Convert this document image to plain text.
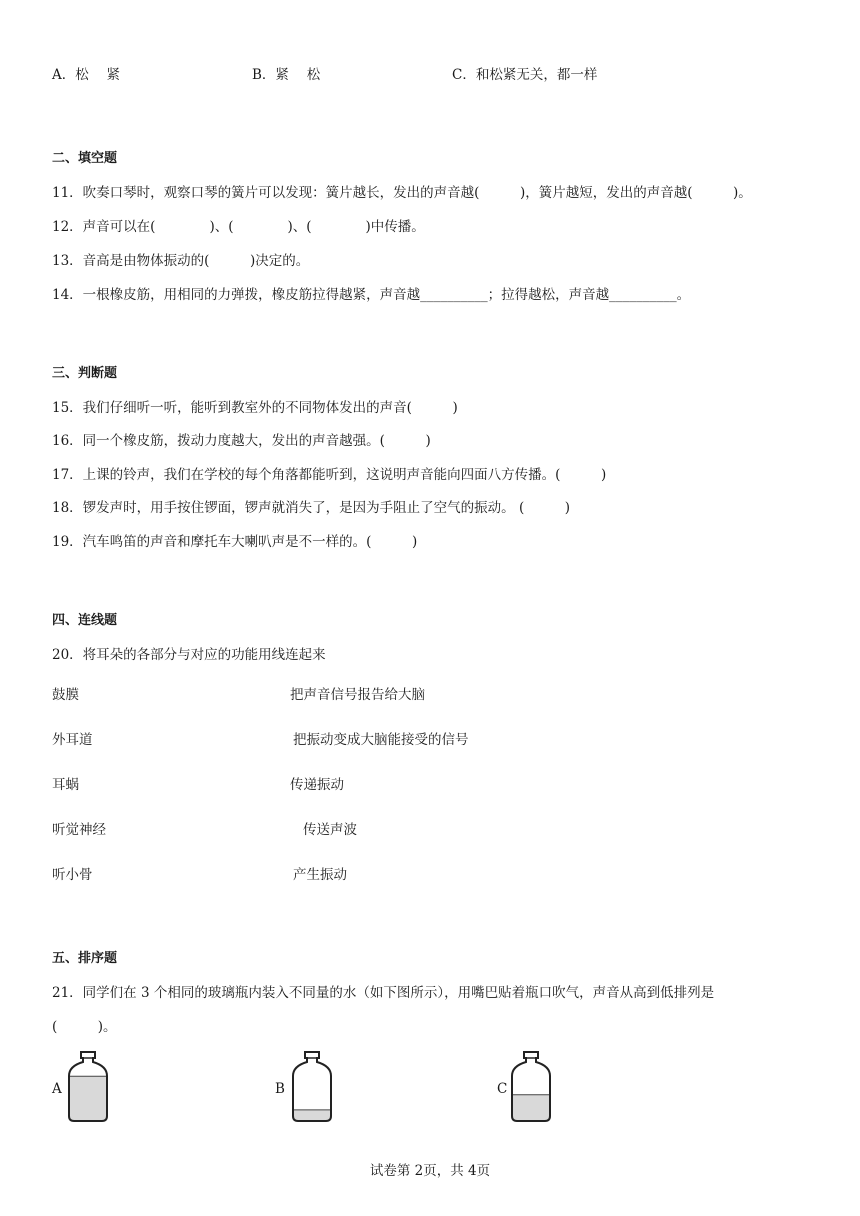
A．松　 紧	B．紧　 松	C．和松紧无关，都一样
二、填空题
11．吹奏口琴时，观察口琴的簧片可以发现：簧片越长，发出的声音越(　　　)，簧片越短，发出的声音越(　　　)。
12．声音可以在(　　　　)、(　　　　)、(　　　　)中传播。
13．音高是由物体振动的(　　　)决定的。
14．一根橡皮筋，用相同的力弹拨，橡皮筋拉得越紧，声音越__________；拉得越松，声音越__________。
三、判断题
15．我们仔细听一听，能听到教室外的不同物体发出的声音(　　　)
16．同一个橡皮筋，拨动力度越大，发出的声音越强。(　　　)
17．上课的铃声，我们在学校的每个角落都能听到，这说明声音能向四面八方传播。(　　　)
18．锣发声时，用手按住锣面，锣声就消失了，是因为手阻止了空气的振动。 (　　　)
19．汽车鸣笛的声音和摩托车大喇叭声是不一样的。(　　　)
四、连线题
20．将耳朵的各部分与对应的功能用线连起来
鼓膜
外耳道
耳蜗
听觉神经
听小骨
把声音信号报告给大脑
把振动变成大脑能接受的信号
传递振动
传送声波
产生振动
五、排序题
21．同学们在 3 个相同的玻璃瓶内装入不同量的水（如下图所示），用嘴巴贴着瓶口吹气，声音从高到低排列是
(　　　)。
A	B	C
试卷第 2页，共 4页
